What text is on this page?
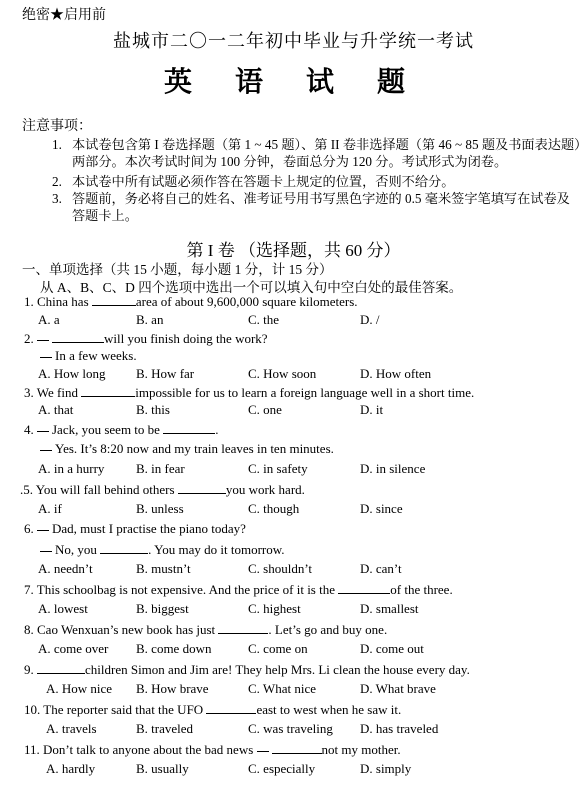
绝密★启用前
盐城市二〇一二年初中毕业与升学统一考试
英 语 试 题
注意事项：
1. 本试卷包含第 I 卷选择题（第 1 ~ 45 题）、第 II 卷非选择题（第 46 ~ 85 题及书面表达题）两部分。本次考试时间为 100 分钟，卷面总分为 120 分。考试形式为闭卷。
2. 本试卷中所有试题必须作答在答题卡上规定的位置，否则不给分。
3. 答题前，务必将自己的姓名、准考证号用书写黑色字迹的 0.5 毫米签字笔填写在试卷及答题卡上。
第 I 卷 （选择题，共 60 分）
一、单项选择（共 15 小题，每小题 1 分，计 15 分）
从 A、B、C、D 四个选项中选出一个可以填入句中空白处的最佳答案。
1. China has	area of about 9,600,000 square kilometers.
A. a	B. an	C. the	D. /
2.	will you finish doing the work?
In a few weeks.
A. How long B. How far	C. How soon	D. How often
3. We find	impossible for us to learn a foreign language well in a short time.
A. that	B. this	C. one	D. it
4. Jack, you seem to be	.
Yes. It’s 8:20 now and my train leaves in ten minutes.
A. in a hurry B. in fear	C. in safety	D. in silence
.5. You will fall behind others	you work hard.
A. if	B. unless	C. though	D. since
6. Dad, must I practise the piano today?
No, you	. You may do it tomorrow.
A. needn’t	B. mustn’t	C. shouldn’t	D. can’t
7. This schoolbag is not expensive. And the price of it is the	of the three.
A. lowest	B. biggest	C. highest	D. smallest
8. Cao Wenxuan’s new book has just	. Let’s go and buy one.
A. come over B. come down	C. come on	D. come out
9.	children Simon and Jim are! They help Mrs. Li clean the house every day.
A. How nice B. How brave	C. What nice	D. What brave
10. The reporter said that the UFO	east to west when he saw it.
A. travels	B. traveled	C. was traveling D. has traveled
11. Don’t talk to anyone about the bad news	not my mother.
A. hardly	B. usually	C. especially	D. simply
